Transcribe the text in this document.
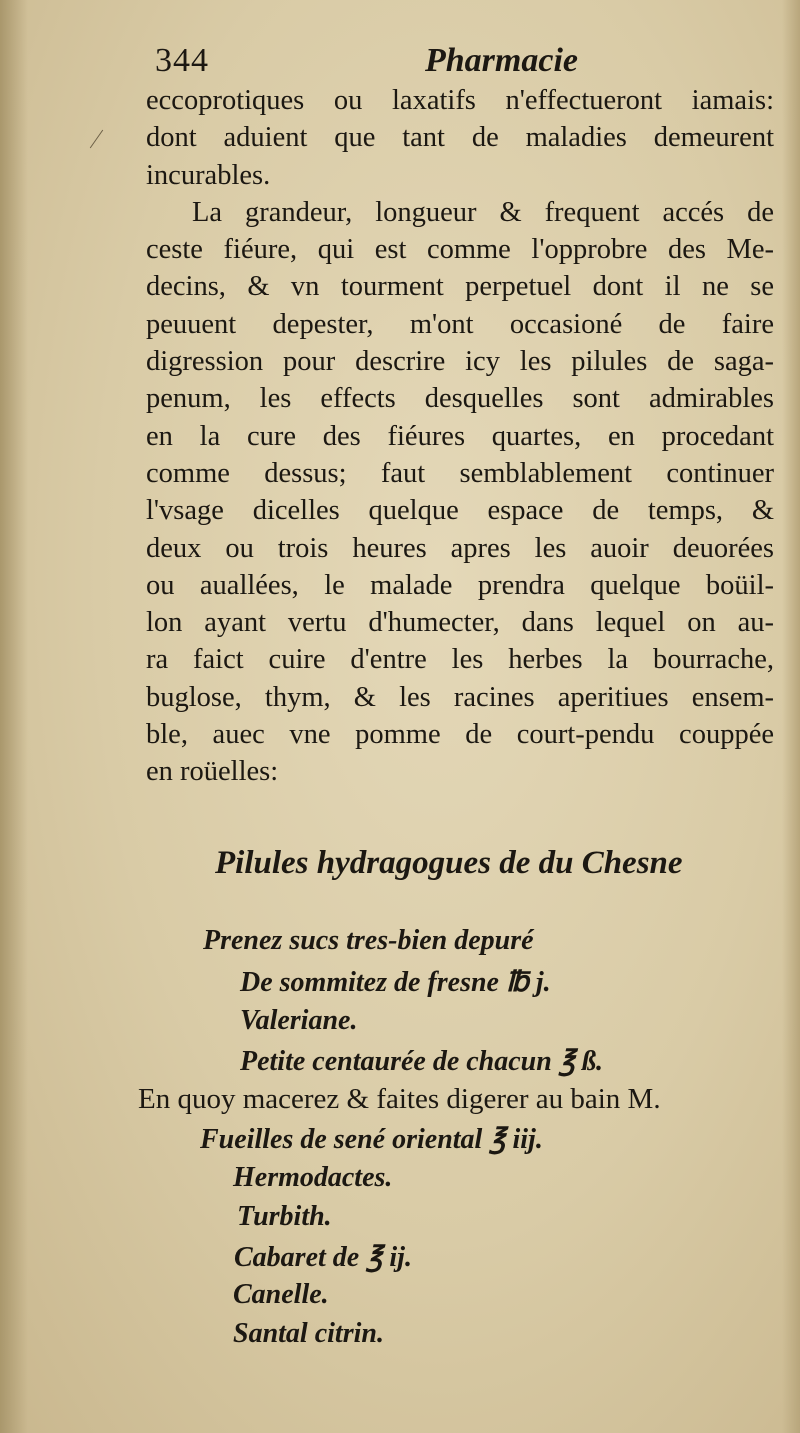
344	Pharmacie
eccoprotiques ou laxatifs n'effectueront iamais:
dont aduient que tant de maladies demeurent
incurables.
La grandeur, longueur & frequent accés de
ceste fiéure, qui est comme l'opprobre des Me-
decins, & vn tourment perpetuel dont il ne se
peuuent depester, m'ont occasioné de faire
digression pour descrire icy les pilules de saga-
penum, les effects desquelles sont admirables
en la cure des fiéures quartes, en procedant
comme dessus; faut semblablement continuer
l'vsage dicelles quelque espace de temps, &
deux ou trois heures apres les auoir deuorées
ou auallées, le malade prendra quelque boüil-
lon ayant vertu d'humecter, dans lequel on au-
ra faict cuire d'entre les herbes la bourrache,
buglose, thym, & les racines aperitiues ensem-
ble, auec vne pomme de court-pendu couppée
en roüelles:
Pilules hydragogues de du Chesne
Prenez sucs tres-bien depuré
De sommitez de fresne ℔ j.
Valeriane.
Petite centaurée de chacun ℥ ß.
En quoy macerez & faites digerer au bain M.
Fueilles de sené oriental ℥ iij.
Hermodactes.
Turbith.
Cabaret de ℥ ij.
Canelle.
Santal citrin.
